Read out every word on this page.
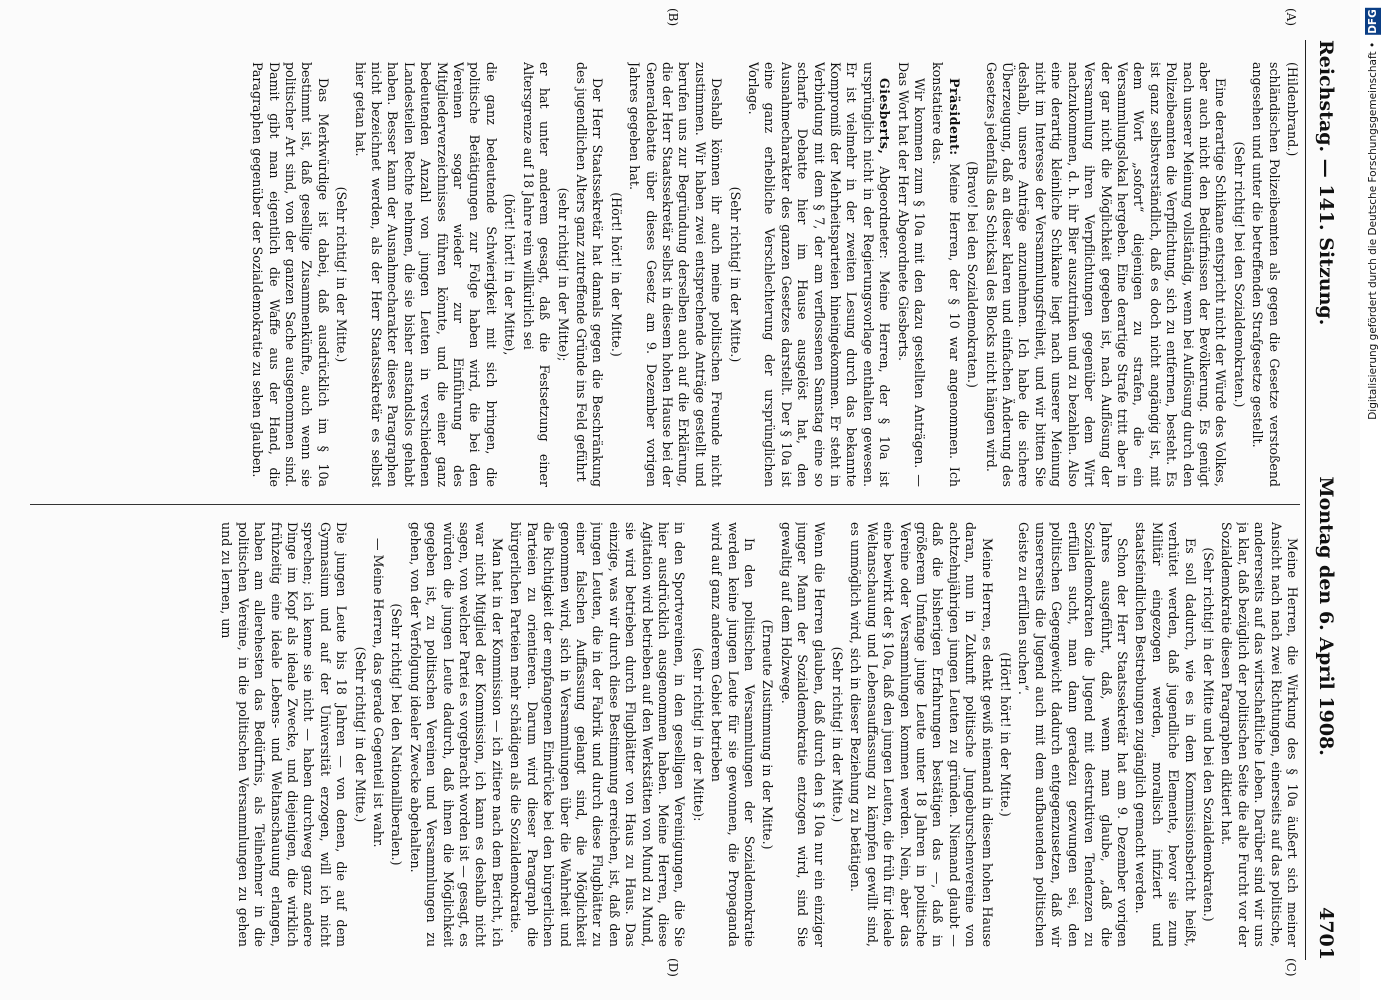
Reichstag. — 141. Sitzung.
Montag den 6. April 1908.
4701
(A)
(B)
(C)
(D)

(Hildenbrand.)

schländischen Polizeibeamten als gegen die Gesetze verstoßend angesehen und unter die betreffenden Strafgesetze gestellt.

(Sehr richtig! bei den Sozialdemokraten.)

Eine derartige Schikane entspricht nicht der Würde des Volkes, aber auch nicht den Bedürfnissen der Bevölkerung. Es genügt nach unserer Meinung vollständig, wenn bei Auflösung durch den Polizeibeamten die Verpflichtung, sich zu entfernen, besteht. Es ist ganz selbstverständlich, daß es doch nicht angängig ist, mit dem Wort „sofort“ diejenigen zu strafen, die ein Versammlungslokal hergeben. Eine derartige Strafe tritt aber in der gar nicht die Möglichkeit gegeben ist, nach Auflösung der Versammlung ihren Verpflichtungen gegenüber dem Wirt nachzukommen, d. h. ihr Bier auszutrinken und zu bezahlen. Also eine derartig kleinliche Schikane liegt nach unserer Meinung nicht im Interesse der Versammlungsfreiheit, und wir bitten Sie deshalb, unsere Anträge anzunehmen. Ich habe die sichere Überzeugung, daß an dieser klaren und einfachen Änderung des Gesetzes jedenfalls das Schicksal des Blocks nicht hängen wird.

(Bravo! bei den Sozialdemokraten.)

Präsident: Meine Herren, der § 10 war angenommen. Ich konstatiere das.

Wir kommen zum § 10a mit den dazu gestellten Anträgen. — Das Wort hat der Herr Abgeordnete Giesberts.

Giesberts, Abgeordneter: Meine Herren, der § 10a ist ursprünglich nicht in der Regierungsvorlage enthalten gewesen. Er ist vielmehr in der zweiten Lesung durch das bekannte Kompromiß der Mehrheitsparteien hineingekommen. Er steht in Verbindung mit dem § 7, der am verflossenen Samstag eine so scharfe Debatte hier im Hause ausgelöst hat, den Ausnahmecharakter des ganzen Gesetzes darstellt. Der § 10a ist eine ganz erhebliche Verschlechterung der ursprünglichen Vorlage.

(Sehr richtig! in der Mitte.)

Deshalb können ihr auch meine politischen Freunde nicht zustimmen. Wir haben zwei entsprechende Anträge gestellt und berufen uns zur Begründung derselben auch auf die Erklärung, die der Herr Staatssekretär selbst in diesem hohen Hause bei der Generaldebatte über dieses Gesetz am 9. Dezember vorigen Jahres gegeben hat.

(Hört! hört! in der Mitte.)

Der Herr Staatssekretär hat damals gegen die Beschränkung des jugendlichen Alters ganz zutreffende Gründe ins Feld geführt

(sehr richtig! in der Mitte);

er hat unter anderem gesagt, daß die Festsetzung einer Altersgrenze auf 18 Jahre rein willkürlich sei

(hört! hört! in der Mitte),

die ganz bedeutende Schwierigkeit mit sich bringen, die politische Betätigungen zur Folge haben wird, die bei den Vereinen sogar wieder zur Einführung des Mitgliederverzeichnisses führen könnte, und die einer ganz bedeutenden Anzahl von jungen Leuten in verschiedenen Landesteilen Rechte nehmen, die sie bisher anstandslos gehabt haben. Besser kann der Ausnahmecharakter dieses Paragraphen nicht bezeichnet werden, als der Herr Staatssekretär es selbst hier getan hat.

(Sehr richtig! in der Mitte.)

Das Merkwürdige ist dabei, daß ausdrücklich im § 10a bestimmt ist, daß gesellige Zusammenkünfte, auch wenn sie politischer Art sind, von der ganzen Sache ausgenommen sind. Damit gibt man eigentlich die Waffe aus der Hand, die Paragraphen gegenüber der Sozialdemokratie zu sehen glauben.

Meine Herren, die Wirkung des § 10a äußert sich meiner Ansicht nach nach zwei Richtungen, einerseits auf das politische, andererseits auf das wirtschaftliche Leben. Darüber sind wir uns ja klar, daß bezüglich der politischen Seite die alte Furcht vor der Sozialdemokratie diesen Paragraphen diktiert hat.

(Sehr richtig! in der Mitte und bei den Sozialdemokraten.)

Es soll dadurch, wie es in dem Kommissionsbericht heißt, verhütet werden, daß jugendliche Elemente, bevor sie zum Militär eingezogen werden, moralisch infiziert und staatsfeindlichen Bestrebungen zugänglich gemacht werden.

Schon der Herr Staatssekretär hat am 9. Dezember vorigen Jahres ausgeführt, daß, wenn man glaube, „daß die Sozialdemokraten die Jugend mit destruktiven Tendenzen zu erfüllen sucht, man dann geradezu gezwungen sei, den politischen Gegengewicht dadurch entgegenzusetzen, daß wir unsererseits die Jugend auch mit dem aufbauenden politischen Geiste zu erfüllen suchen“.

(Hört! hört! in der Mitte.)

Meine Herren, es denkt gewiß niemand in diesem hohen Hause daran, nun in Zukunft politische Jungeburschenvereine von achtzehnjährigen jungen Leuten zu gründen. Niemand glaubt — daß die bisherigen Erfahrungen bestätigen das —, daß in größerem Umfange junge Leute unter 18 Jahren in politische Vereine oder Versammlungen kommen werden. Nein, aber das eine bewirkt der § 10a, daß den jungen Leuten, die früh für ideale Weltanschauung und Lebensauffassung zu kämpfen gewillt sind, es unmöglich wird, sich in dieser Beziehung zu betätigen.

(Sehr richtig! in der Mitte.)

Wenn die Herren glauben, daß durch den § 10a nur ein einziger junger Mann der Sozialdemokratie entzogen wird, sind Sie gewaltig auf dem Holzwege.

(Erneute Zustimmung in der Mitte.)

In den politischen Versammlungen der Sozialdemokratie werden keine jungen Leute für sie gewonnen, die Propaganda wird auf ganz anderem Gebiet betrieben

(sehr richtig! in der Mitte):

in den Sportvereinen, in den geselligen Vereinigungen, die Sie hier ausdrücklich ausgenommen haben. Meine Herren, diese Agitation wird betrieben auf den Werkstätten von Mund zu Mund, sie wird betrieben durch Flugblätter von Haus zu Haus. Das einzige, was wir durch diese Bestimmung erreichen, ist, daß den jungen Leuten, die in der Fabrik und durch diese Flugblätter zu einer falschen Auffassung gelangt sind, die Möglichkeit genommen wird, sich in Versammlungen über die Wahrheit und die Richtigkeit der empfangenen Eindrücke bei den bürgerlichen Parteien zu orientieren. Darum wird dieser Paragraph die bürgerlichen Parteien mehr schädigen als die Sozialdemokratie.

Man hat in der Kommission — ich zitiere nach dem Bericht, ich war nicht Mitglied der Kommission, ich kann es deshalb nicht sagen, von welcher Partei es vorgebracht worden ist — gesagt, es würden die jungen Leute dadurch, daß ihnen die Möglichkeit gegeben ist, zu politischen Vereinen und Versammlungen zu gehen, von der Verfolgung idealer Zwecke abgehalten.

(Sehr richtig! bei den Nationalliberalen.)

— Meine Herren, das gerade Gegenteil ist wahr.

(Sehr richtig! in der Mitte.)

Die jungen Leute bis 18 Jahren — von denen, die auf dem Gymnasium und auf der Universität erzogen, will ich nicht sprechen; ich kenne sie nicht — haben durchweg ganz andere Dinge im Kopf als ideale Zwecke, und diejenigen, die wirklich frühzeitig eine ideale Lebens- und Weltanschauung erlangen, haben am allerehesten das Bedürfnis, als Teilnehmer in die politischen Vereine, in die politischen Versammlungen zu gehen und zu lernen, um

Digitalisierung gefördert durch die Deutsche Forschungsgemeinschaft • DFG
